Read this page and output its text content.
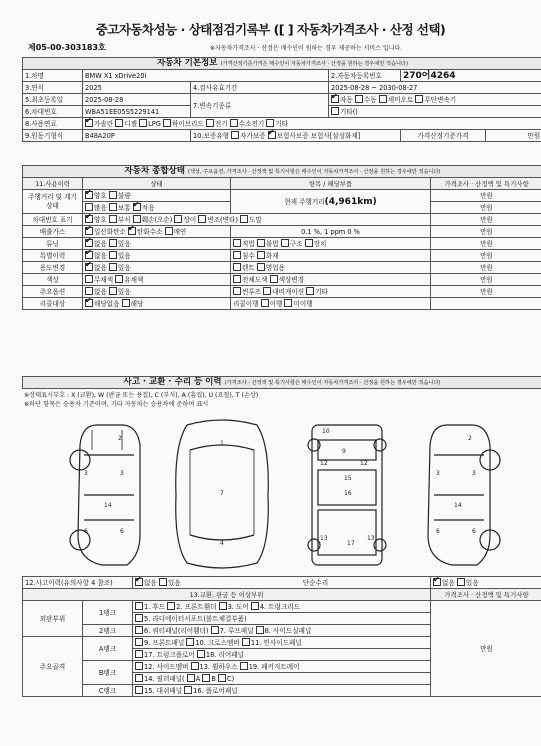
중고자동차성능 · 상태점검기록부 ([ ] 자동차가격조사 · 산정 선택)
제05-00-303183호	※자동차가격조사 · 산정은 매수인이 원하는 경우 제공하는 서비스 입니다.
자동차 기본정보 (가격산정기준가격은 매수인이 자동차가격조사 · 산정을 원하는 경우에만 적습니다)					
1.차명	BMW X1 xDrive20i		2.자동차등록번호	270어4264	
3.연식	2025	4.검사유효기간	2025-08-28 ~ 2030-08-27		
5.최초등록일	2025-08-28	7.변속기종류	✔자동 수동 세미오토 무단변속기
6.차대번호	WBA51EE05S5229141		기타()		
8.사용연료	✔가솔린 디젤 LPG 하이브리드 전기 수소전기 기타
9.원동기형식	B48A20P	10.보증유형 자가보증 ✔ 보험사보증 보험사[삼성화재]		가격산정기준가격	만원
자동차 종합상태 (색상, 주요옵션, 가격조사 · 산정액 및 특기사항은 매수인이 자동차가격조사 · 산정을 원하는 경우에만 적습니다)			
11.사용이력	상태	항목 / 해당부품	가격조사 · 산정액 및 특기사항
주행거리 및 계기상태	✔양호 불량	현재 주행거리(4,961km)	만원
	많음 보통 ✔ 적음		만원
차대번호 표기	✔양호 부식 훼손(오손) 상이 변조(변타) 도말		만원
배출가스	✔일산화탄소 ✔ 탄화수소 매연	0.1 %, 1 ppm 0 %	만원
튜닝	✔없음 있음	적법 불법 구조 장치	만원
특별이력	✔없음 있음	침수 화재	만원
용도변경	✔없음 있음	렌트 영업용	만원
색상	무채색 유채색	전체도색 색상변경	만원
주요옵션	없음 있음	썬루프 내비게이션 기타	만원
리콜대상	✔해당없음 해당	리콜이행 이행 미이행	
사고 · 교환 · 수리 등 이력 (가격조사 · 산정액 및 특기사항은 매수인이 자동차가격조사 · 산정을 원하는 경우에만 적습니다)
※상태표시부호 : X (교환), W (판금 또는 용접), C (부식), A (흠집), U (요철), T (손상)
※하단 항목은 승용차 기준이며, 기타 자동차는 승용차에 준하여 표시
2
3	3
14
6	6
1
7
4
10
9
12	12
15
16
13
17
13
2
3	3
14
6	6
12.사고이력(유의사항 4 참조)	✔없음 있음 단순수리	✔없음 있음
13.교환, 판금 등 이상부위			가격조사 · 산정액 및 특기사항
외판부위	1랭크	1. 후드 2. 프론트휀더 3. 도어 4. 트렁크리드	만원
		5. 라디에이터서포트(볼트체결부품)	
	2랭크	6. 쿼터패널(리어휀더) 7. 루프패널 8. 사이드실패널	
주요골격	A랭크	9. 프론트패널 10. 크로스멤버 11. 인사이드패널	
		17. 트렁크플로어 18. 리어패널	
	B랭크	12. 사이드멤버 13. 휠하우스 19. 패키지트레이	
		14. 필러패널( A B C)	
	C랭크	15. 대쉬패널 16. 플로어패널	
